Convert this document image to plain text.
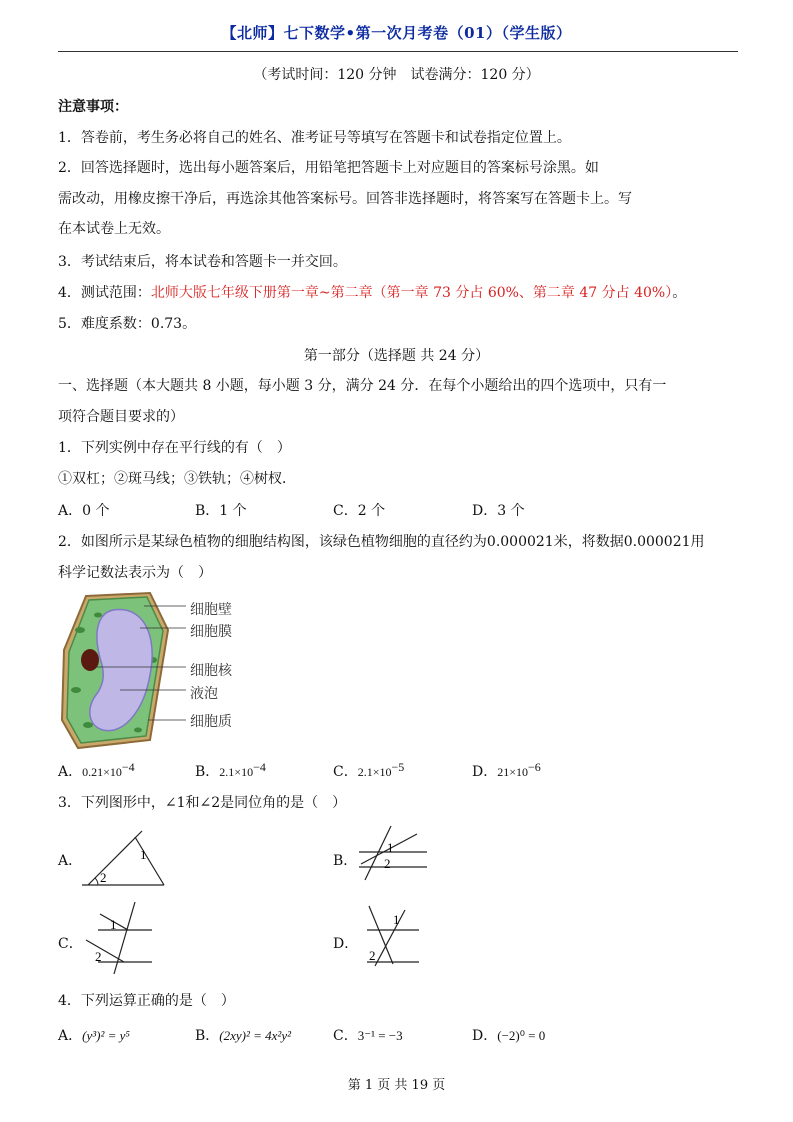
【北师】七下数学•第一次月考卷（01）（学生版）
（考试时间：120 分钟　试卷满分：120 分）
注意事项：
1．答卷前，考生务必将自己的姓名、准考证号等填写在答题卡和试卷指定位置上。
2．回答选择题时，选出每小题答案后，用铅笔把答题卡上对应题目的答案标号涂黑。如
需改动，用橡皮擦干净后，再选涂其他答案标号。回答非选择题时，将答案写在答题卡上。写
在本试卷上无效。
3．考试结束后，将本试卷和答题卡一并交回。
4．测试范围：北师大版七年级下册第一章~第二章（第一章 73 分占 60%、第二章 47 分占 40%）。
5．难度系数：0.73。
第一部分（选择题 共 24 分）
一、选择题（本大题共 8 小题，每小题 3 分，满分 24 分．在每个小题给出的四个选项中，只有一
项符合题目要求的）
1．下列实例中存在平行线的有（　）
①双杠；②斑马线；③铁轨；④树杈．
A．0 个	B．1 个	C．2 个	D．3 个
2．如图所示是某绿色植物的细胞结构图，该绿色植物细胞的直径约为0.000021米，将数据0.000021用
科学记数法表示为（　）
细胞壁
细胞膜
细胞核
液泡
细胞质
A．$0.21\times 10^{-4}$	B．$2.1\times 10^{-4}$	C．$2.1\times 10^{-5}$	D．$21\times 10^{-6}$
3．下列图形中，∠1和∠2是同位角的是（　）
A．	1
2
B．
1
2
C．
1
2
D．
1
2
4．下列运算正确的是（　）
A．(y³)² = y⁵	B．(2xy)² = 4x²y²	C．3⁻¹ = −3	D．(−2)⁰ = 0
第 1 页 共 19 页
